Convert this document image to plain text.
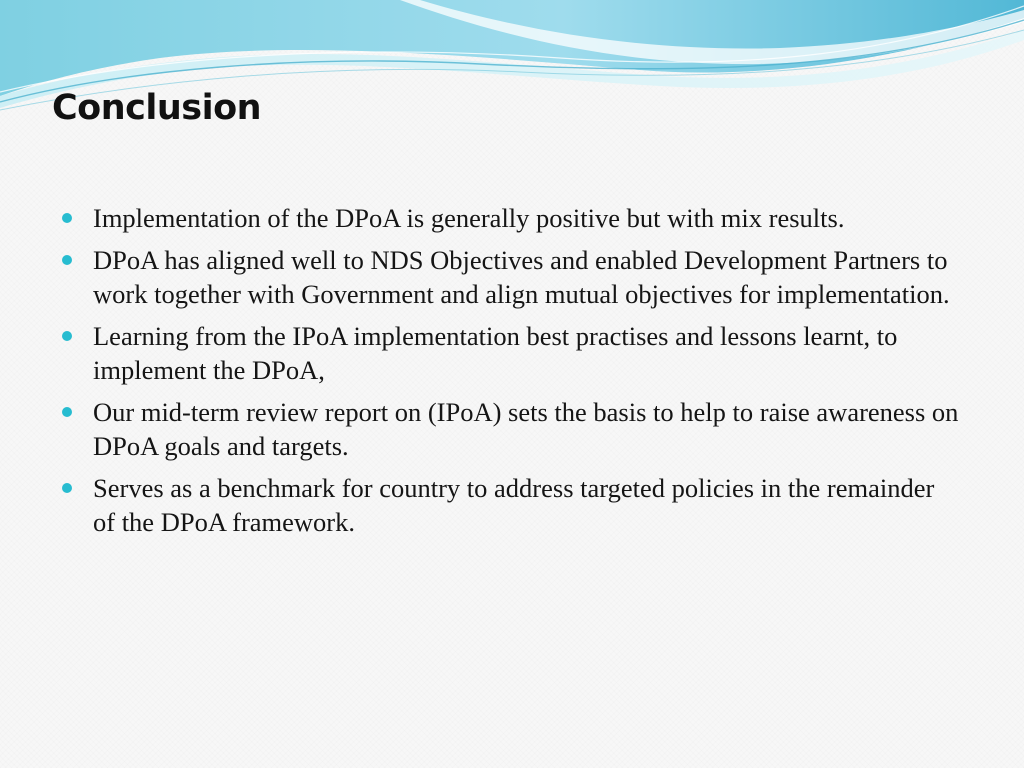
Conclusion
Implementation of the DPoA is generally positive but with mix results.
DPoA has aligned well to NDS Objectives and enabled Development Partners to work together with Government and align mutual objectives for implementation.
Learning from the IPoA implementation best practises and lessons learnt, to implement the DPoA,
Our mid-term review report on (IPoA) sets the basis to help to raise awareness on DPoA goals and targets.
Serves as a benchmark for country to address targeted policies in the remainder of the DPoA framework.
